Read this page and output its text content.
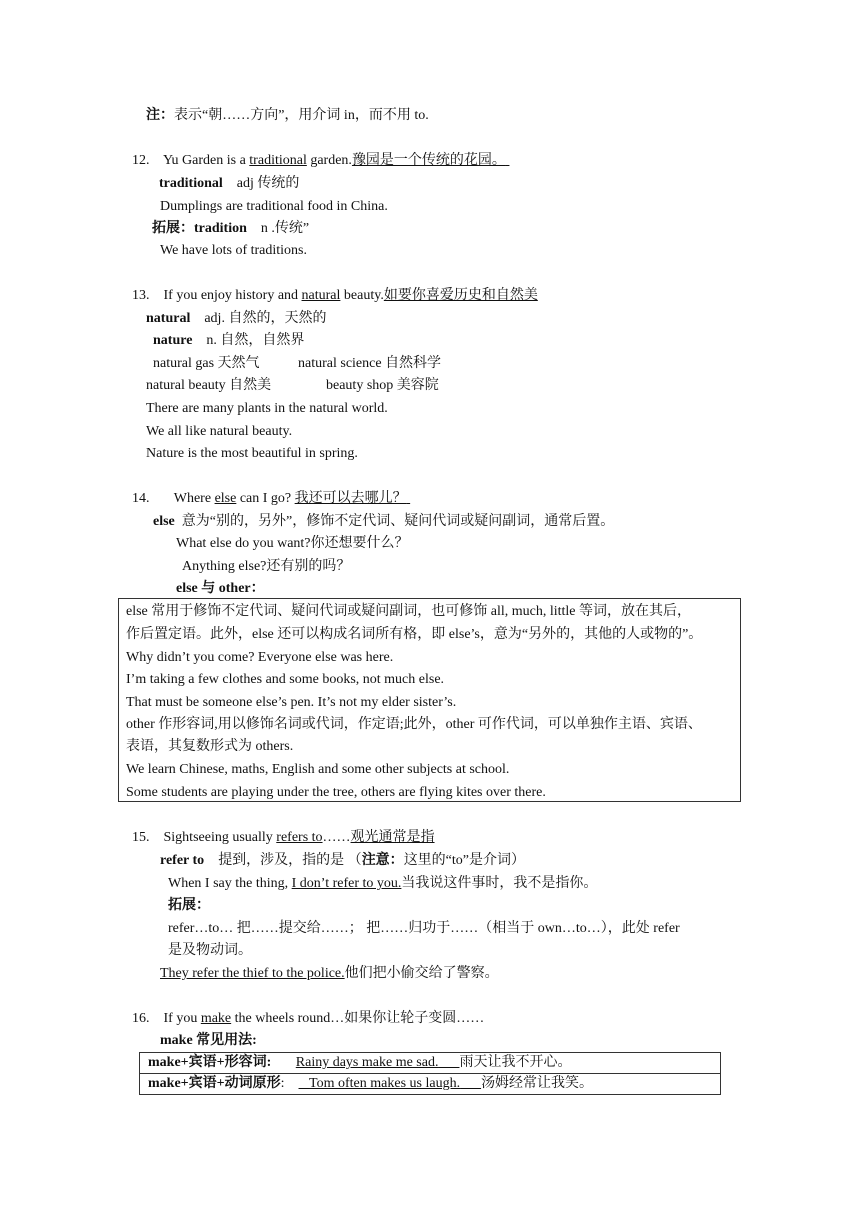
注：表示“朝……方向”，用介词 in，而不用 to.
12. Yu Garden is a traditional garden.豫园是一个传统的花园。
traditional adj 传统的
Dumplings are traditional food in China.
拓展：tradition n .传统”
We have lots of traditions.
13. If you enjoy history and natural beauty.如要你喜爱历史和自然美
natural adj. 自然的，天然的
nature n. 自然，自然界
natural gas 天然气	natural science 自然科学
natural beauty 自然美	beauty shop 美容院
There are many plants in the natural world.
We all like natural beauty.
Nature is the most beautiful in spring.
14. Where else can I go? 我还可以去哪儿？
else 意为“别的，另外”，修饰不定代词、疑问代词或疑问副词，通常后置。
What else do you want?你还想要什么？
Anything else?还有别的吗？
else 与 other：
else 常用于修饰不定代词、疑问代词或疑问副词，也可修饰 all, much, little 等词，放在其后，
作后置定语。此外，else 还可以构成名词所有格，即 else’s，意为“另外的，其他的人或物的”。
Why didn’t you come? Everyone else was here.
I’m taking a few clothes and some books, not much else.
That must be someone else’s pen. It’s not my elder sister’s.
other 作形容词,用以修饰名词或代词，作定语;此外，other 可作代词，可以单独作主语、宾语、
表语，其复数形式为 others.
We learn Chinese, maths, English and some other subjects at school.
Some students are playing under the tree, others are flying kites over there.
15. Sightseeing usually refers to……观光通常是指
refer to 提到，涉及，指的是 （注意：这里的“to”是介词）
When I say the thing, I don’t refer to you.当我说这件事时，我不是指你。
拓展：
refer…to… 把……提交给……； 把……归功于……（相当于 own…to…），此处 refer
是及物动词。
They refer the thief to the police.他们把小偷交给了警察。
16. If you make the wheels round…如果你让轮子变圆……
make 常见用法:
make+宾语+形容词: Rainy days make me sad. 雨天让我不开心。
make+宾语+动词原形:       Tom often makes us laugh. 汤姆经常让我笑。
